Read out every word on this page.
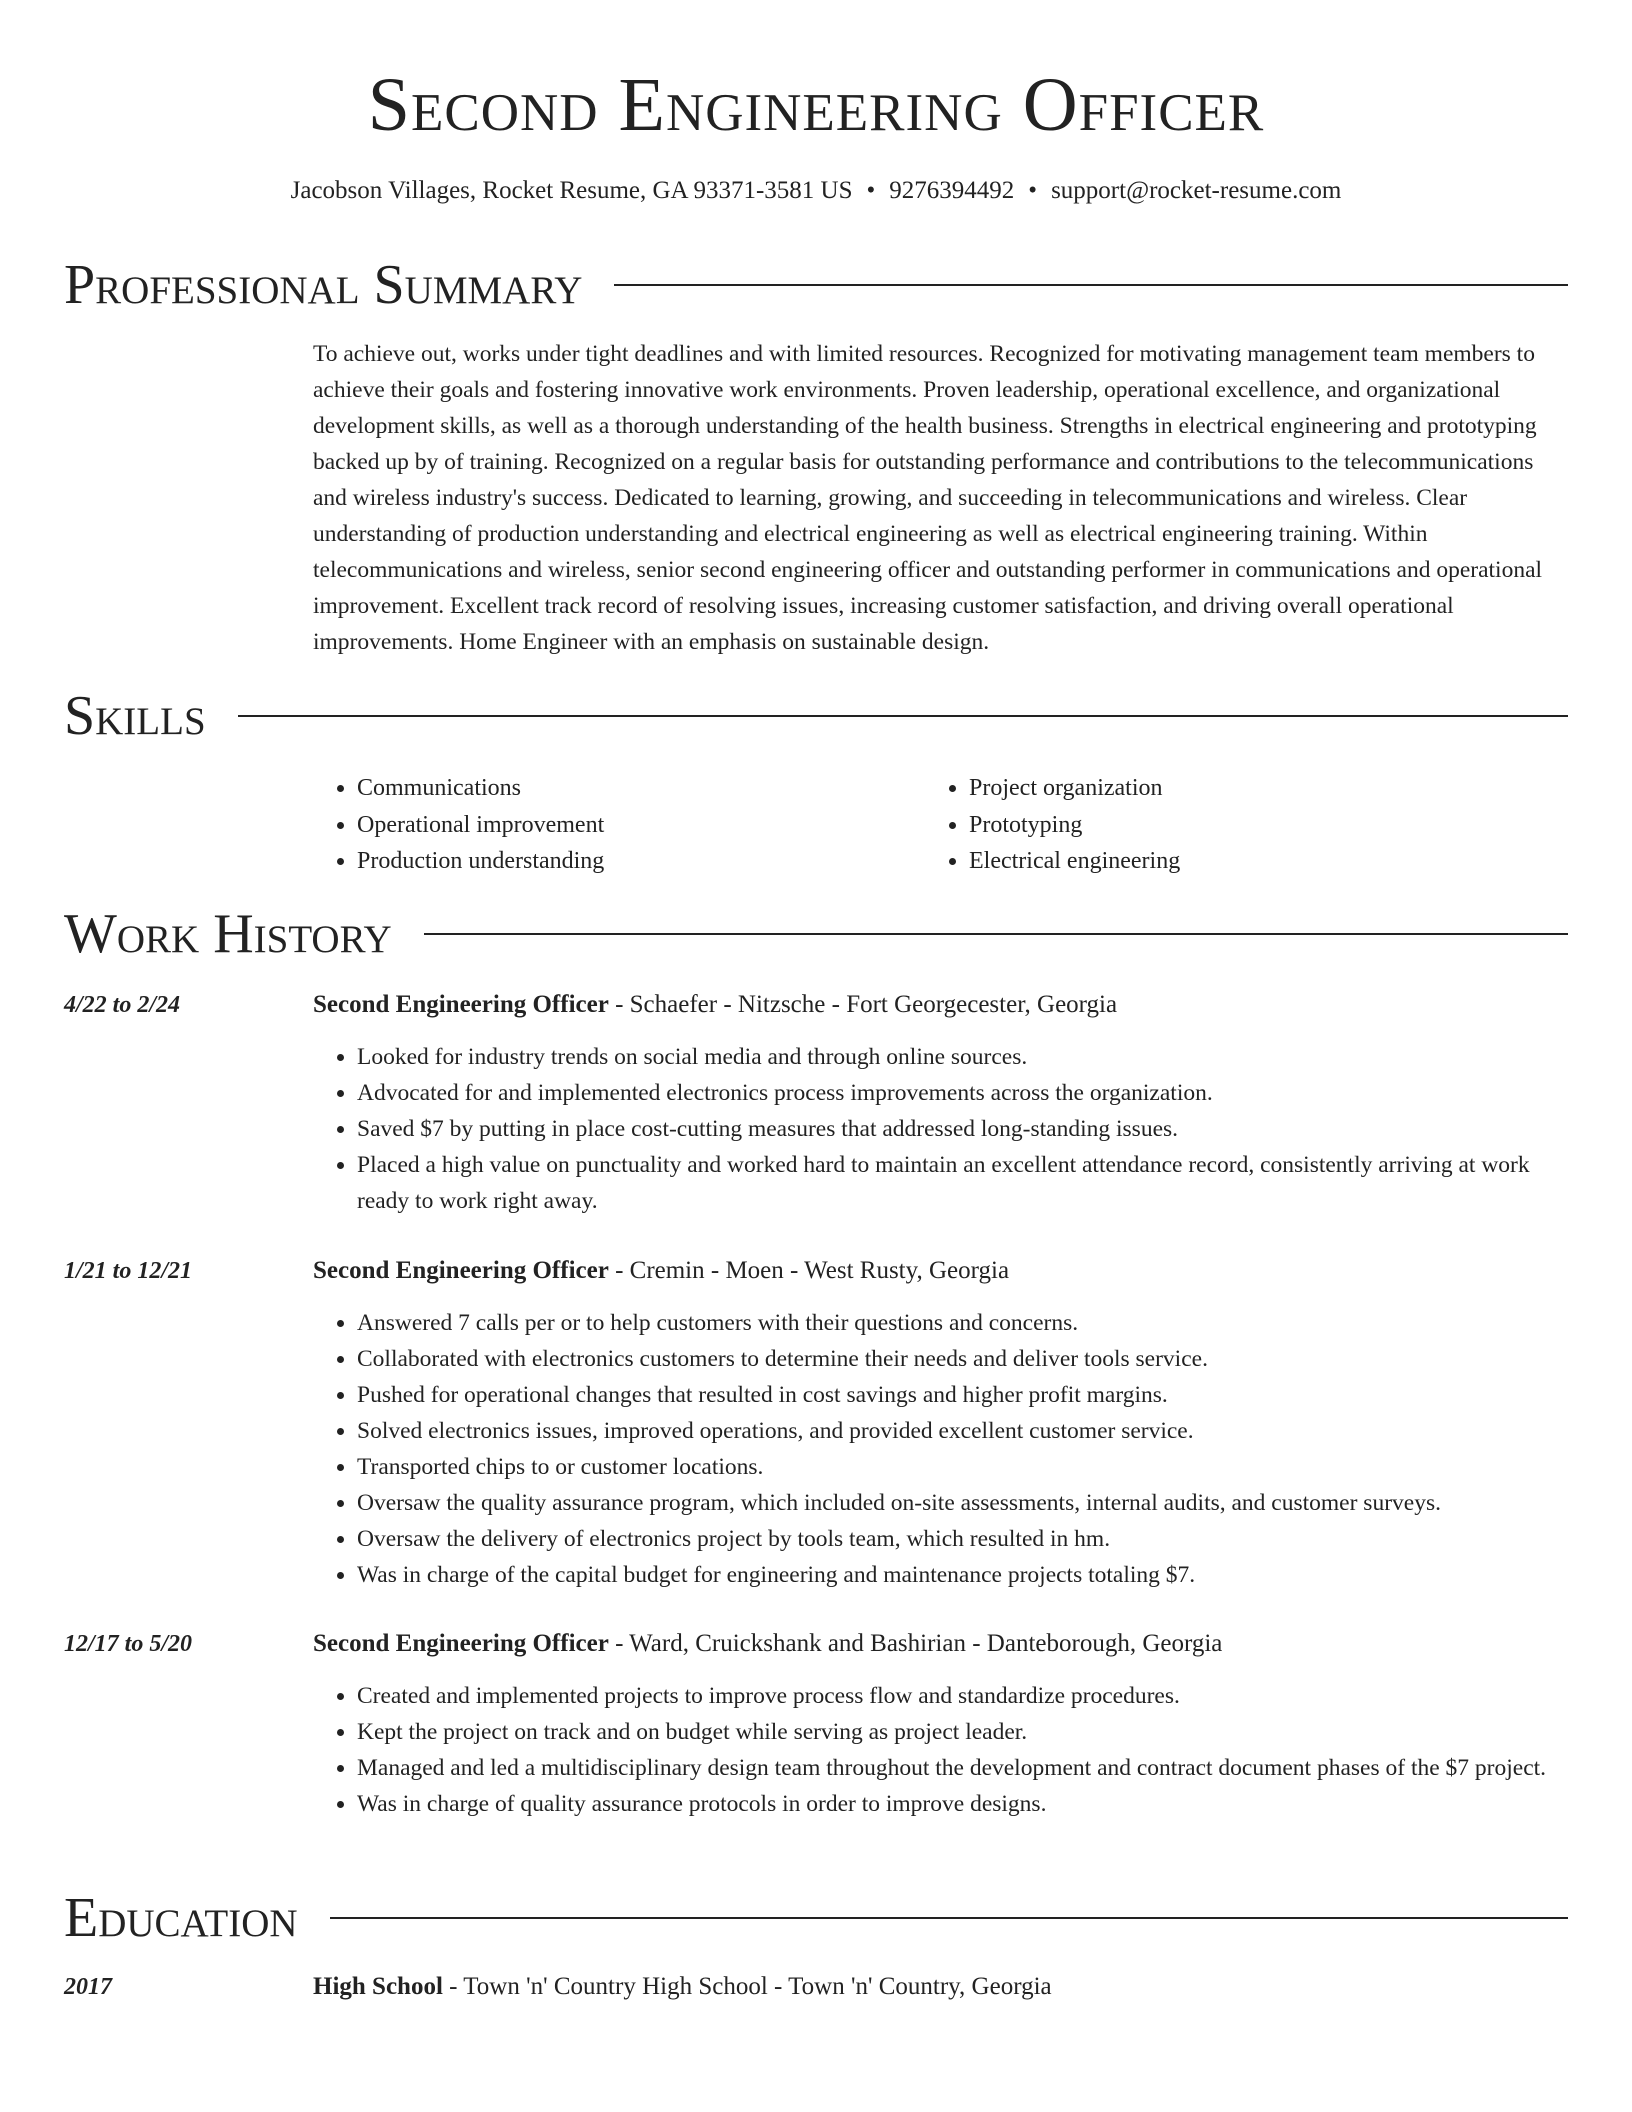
Second Engineering Officer
Jacobson Villages, Rocket Resume, GA 93371-3581 US • 9276394492 • support@rocket-resume.com
Professional Summary
To achieve out, works under tight deadlines and with limited resources. Recognized for motivating management team members to achieve their goals and fostering innovative work environments. Proven leadership, operational excellence, and organizational development skills, as well as a thorough understanding of the health business. Strengths in electrical engineering and prototyping backed up by of training. Recognized on a regular basis for outstanding performance and contributions to the telecommunications and wireless industry's success. Dedicated to learning, growing, and succeeding in telecommunications and wireless. Clear understanding of production understanding and electrical engineering as well as electrical engineering training. Within telecommunications and wireless, senior second engineering officer and outstanding performer in communications and operational improvement. Excellent track record of resolving issues, increasing customer satisfaction, and driving overall operational improvements. Home Engineer with an emphasis on sustainable design.
Skills
• Communications
• Operational improvement
• Production understanding
• Project organization
• Prototyping
• Electrical engineering
Work History
4/22 to 2/24	Second Engineering Officer - Schaefer - Nitzsche - Fort Georgecester, Georgia
• Looked for industry trends on social media and through online sources.
• Advocated for and implemented electronics process improvements across the organization.
• Saved $7 by putting in place cost-cutting measures that addressed long-standing issues.
• Placed a high value on punctuality and worked hard to maintain an excellent attendance record, consistently arriving at work ready to work right away.
1/21 to 12/21	Second Engineering Officer - Cremin - Moen - West Rusty, Georgia
• Answered 7 calls per or to help customers with their questions and concerns.
• Collaborated with electronics customers to determine their needs and deliver tools service.
• Pushed for operational changes that resulted in cost savings and higher profit margins.
• Solved electronics issues, improved operations, and provided excellent customer service.
• Transported chips to or customer locations.
• Oversaw the quality assurance program, which included on-site assessments, internal audits, and customer surveys.
• Oversaw the delivery of electronics project by tools team, which resulted in hm.
• Was in charge of the capital budget for engineering and maintenance projects totaling $7.
12/17 to 5/20	Second Engineering Officer - Ward, Cruickshank and Bashirian - Danteborough, Georgia
• Created and implemented projects to improve process flow and standardize procedures.
• Kept the project on track and on budget while serving as project leader.
• Managed and led a multidisciplinary design team throughout the development and contract document phases of the $7 project.
• Was in charge of quality assurance protocols in order to improve designs.
Education
2017	High School - Town 'n' Country High School - Town 'n' Country, Georgia
